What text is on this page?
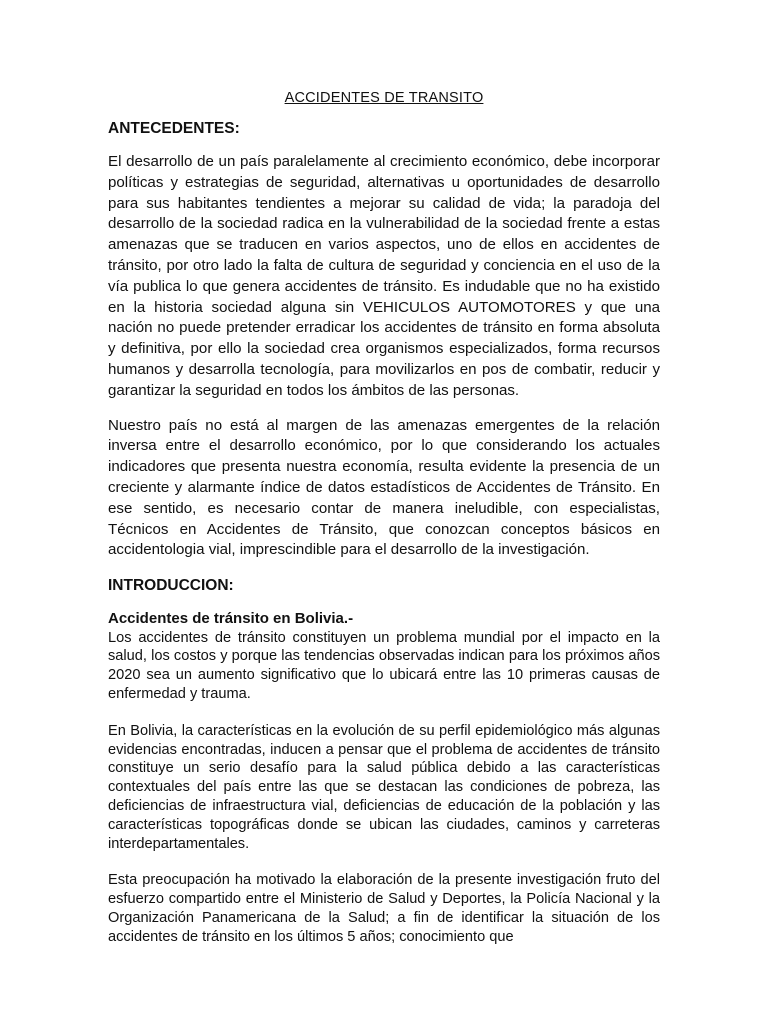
ACCIDENTES DE TRANSITO
ANTECEDENTES:

El desarrollo de un país paralelamente al crecimiento económico, debe incorporar políticas y estrategias de seguridad, alternativas u oportunidades de desarrollo para sus habitantes tendientes a mejorar su calidad de vida; la paradoja del desarrollo de la sociedad radica en la vulnerabilidad de la sociedad frente a estas amenazas que se traducen en varios aspectos, uno de ellos en accidentes de tránsito, por otro lado la falta de cultura de seguridad y conciencia en el uso de la vía publica lo que genera accidentes de tránsito. Es indudable que no ha existido en la historia sociedad alguna sin VEHICULOS AUTOMOTORES y que una nación no puede pretender erradicar los accidentes de tránsito en forma absoluta y definitiva, por ello la sociedad crea organismos especializados, forma recursos humanos y desarrolla tecnología, para movilizarlos en pos de combatir, reducir y garantizar la seguridad en todos los ámbitos de las personas.

Nuestro país no está al margen de las amenazas emergentes de la relación inversa entre el desarrollo económico, por lo que considerando los actuales indicadores que presenta nuestra economía, resulta evidente la presencia de un creciente y alarmante índice de datos estadísticos de Accidentes de Tránsito. En ese sentido, es necesario contar de manera ineludible, con especialistas, Técnicos en Accidentes de Tránsito, que conozcan conceptos básicos en accidentologia vial, imprescindible para el desarrollo de la investigación.

INTRODUCCION:
Accidentes de tránsito en Bolivia.-

Los accidentes de tránsito constituyen un problema mundial por el impacto en la salud, los costos y porque las tendencias observadas indican para los próximos años 2020 sea un aumento significativo que lo ubicará entre las 10 primeras causas de enfermedad y trauma.

En Bolivia, la características en la evolución de su perfil epidemiológico más algunas evidencias encontradas, inducen a pensar que el problema de accidentes de tránsito constituye un serio desafío para la salud pública debido a las características contextuales del país entre las que se destacan las condiciones de pobreza, las deficiencias de infraestructura vial, deficiencias de educación de la población y las características topográficas donde se ubican las ciudades, caminos y carreteras interdepartamentales.

Esta preocupación ha motivado la elaboración de la presente investigación fruto del esfuerzo compartido entre el Ministerio de Salud y Deportes, la Policía Nacional y la Organización Panamericana de la Salud; a fin de identificar la situación de los accidentes de tránsito en los últimos 5 años; conocimiento que
